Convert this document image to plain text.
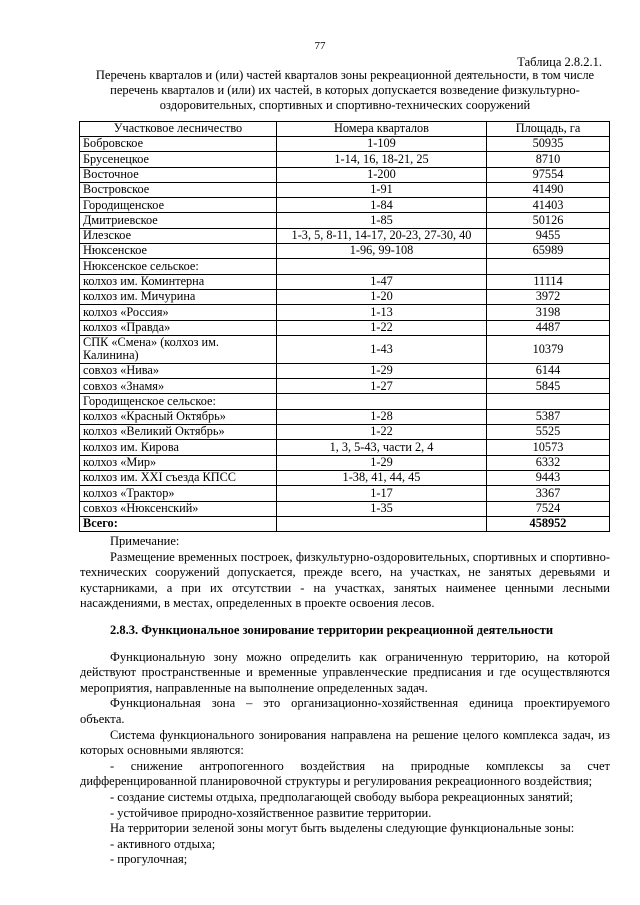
77
Таблица 2.8.2.1.
Перечень кварталов и (или) частей кварталов зоны рекреационной деятельности, в том числе перечень кварталов и (или) их частей, в которых допускается возведение физкультурно-оздоровительных, спортивных и спортивно-технических сооружений
Участковое лесничество	Номера кварталов	Площадь, га
Бобровское	1-109	50935
Брусенецкое	1-14, 16, 18-21, 25	8710
Восточное	1-200	97554
Востровское	1-91	41490
Городищенское	1-84	41403
Дмитриевское	1-85	50126
Илезское	1-3, 5, 8-11, 14-17, 20-23, 27-30, 40	9455
Нюксенское	1-96, 99-108	65989
Нюксенское сельское:		
колхоз им. Коминтерна	1-47	11114
колхоз им. Мичурина	1-20	3972
колхоз «Россия»	1-13	3198
колхоз «Правда»	1-22	4487
СПК «Смена» (колхоз им. Калинина)	1-43	10379
совхоз «Нива»	1-29	6144
совхоз «Знамя»	1-27	5845
Городищенское сельское:		
колхоз «Красный Октябрь»	1-28	5387
колхоз «Великий Октябрь»	1-22	5525
колхоз им. Кирова	1, 3, 5-43, части 2, 4	10573
колхоз «Мир»	1-29	6332
колхоз им. XXI съезда КПСС	1-38, 41, 44, 45	9443
колхоз «Трактор»	1-17	3367
совхоз «Нюксенский»	1-35	7524
Всего:		458952
Примечание:

Размещение временных построек, физкультурно-оздоровительных, спортивных и спортивно-технических сооружений допускается, прежде всего, на участках, не занятых деревьями и кустарниками, а при их отсутствии - на участках, занятых наименее ценными лесными насаждениями, в местах, определенных в проекте освоения лесов.

2.8.3. Функциональное зонирование территории рекреационной деятельности

Функциональную зону можно определить как ограниченную территорию, на которой действуют пространственные и временные управленческие предписания и где осуществляются мероприятия, направленные на выполнение определенных задач.

Функциональная зона – это организационно-хозяйственная единица проектируемого объекта.

Система функционального зонирования направлена на решение целого комплекса задач, из которых основными являются:

- снижение антропогенного воздействия на природные комплексы за счет дифференцированной планировочной структуры и регулирования рекреационного воздействия;

- создание системы отдыха, предполагающей свободу выбора рекреационных занятий;

- устойчивое природно-хозяйственное развитие территории.

На территории зеленой зоны могут быть выделены следующие функциональные зоны:

- активного отдыха;

- прогулочная;
